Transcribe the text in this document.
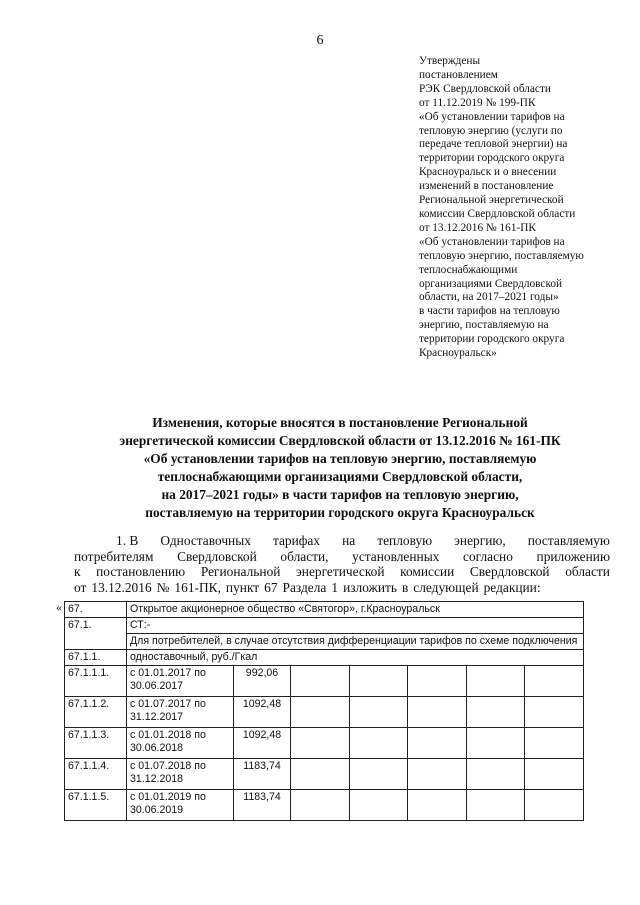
6
Утверждены
постановлением
РЭК Свердловской области
от 11.12.2019 № 199-ПК
«Об установлении тарифов на
тепловую энергию (услуги по
передаче тепловой энергии) на
территории городского округа
Красноуральск и о внесении
изменений в постановление
Региональной энергетической
комиссии Свердловской области
от 13.12.2016 № 161-ПК
«Об установлении тарифов на
тепловую энергию, поставляемую
теплоснабжающими
организациями Свердловской
области, на 2017–2021 годы»
в части тарифов на тепловую
энергию, поставляемую на
территории городского округа
Красноуральск»
Изменения, которые вносятся в постановление Региональной
энергетической комиссии Свердловской области от 13.12.2016 № 161-ПК
«Об установлении тарифов на тепловую энергию, поставляемую
теплоснабжающими организациями Свердловской области,
на 2017–2021 годы» в части тарифов на тепловую энергию,
поставляемую на территории городского округа Красноуральск
1. В Одноставочных тарифах на тепловую энергию, поставляемую
потребителям Свердловской области, установленных согласно приложению
к постановлению Региональной энергетической комиссии Свердловской области
от 13.12.2016 № 161-ПК, пункт 67 Раздела 1 изложить в следующей редакции:
« 67.	Открытое акционерное общество «Святогор», г.Красноуральск						
67.1.	СТ:-						
	Для потребителей, в случае отсутствия дифференциации тарифов по схеме подключения						
67.1.1.	одноставочный, руб./Гкал						
67.1.1.1.	с 01.01.2017 по 30.06.2017	992,06					
67.1.1.2.	с 01.07.2017 по 31.12.2017	1092,48					
67.1.1.3.	с 01.01.2018 по 30.06.2018	1092,48					
67.1.1.4.	с 01.07.2018 по 31.12.2018	1183,74					
67.1.1.5.	с 01.01.2019 по 30.06.2019	1183,74					
